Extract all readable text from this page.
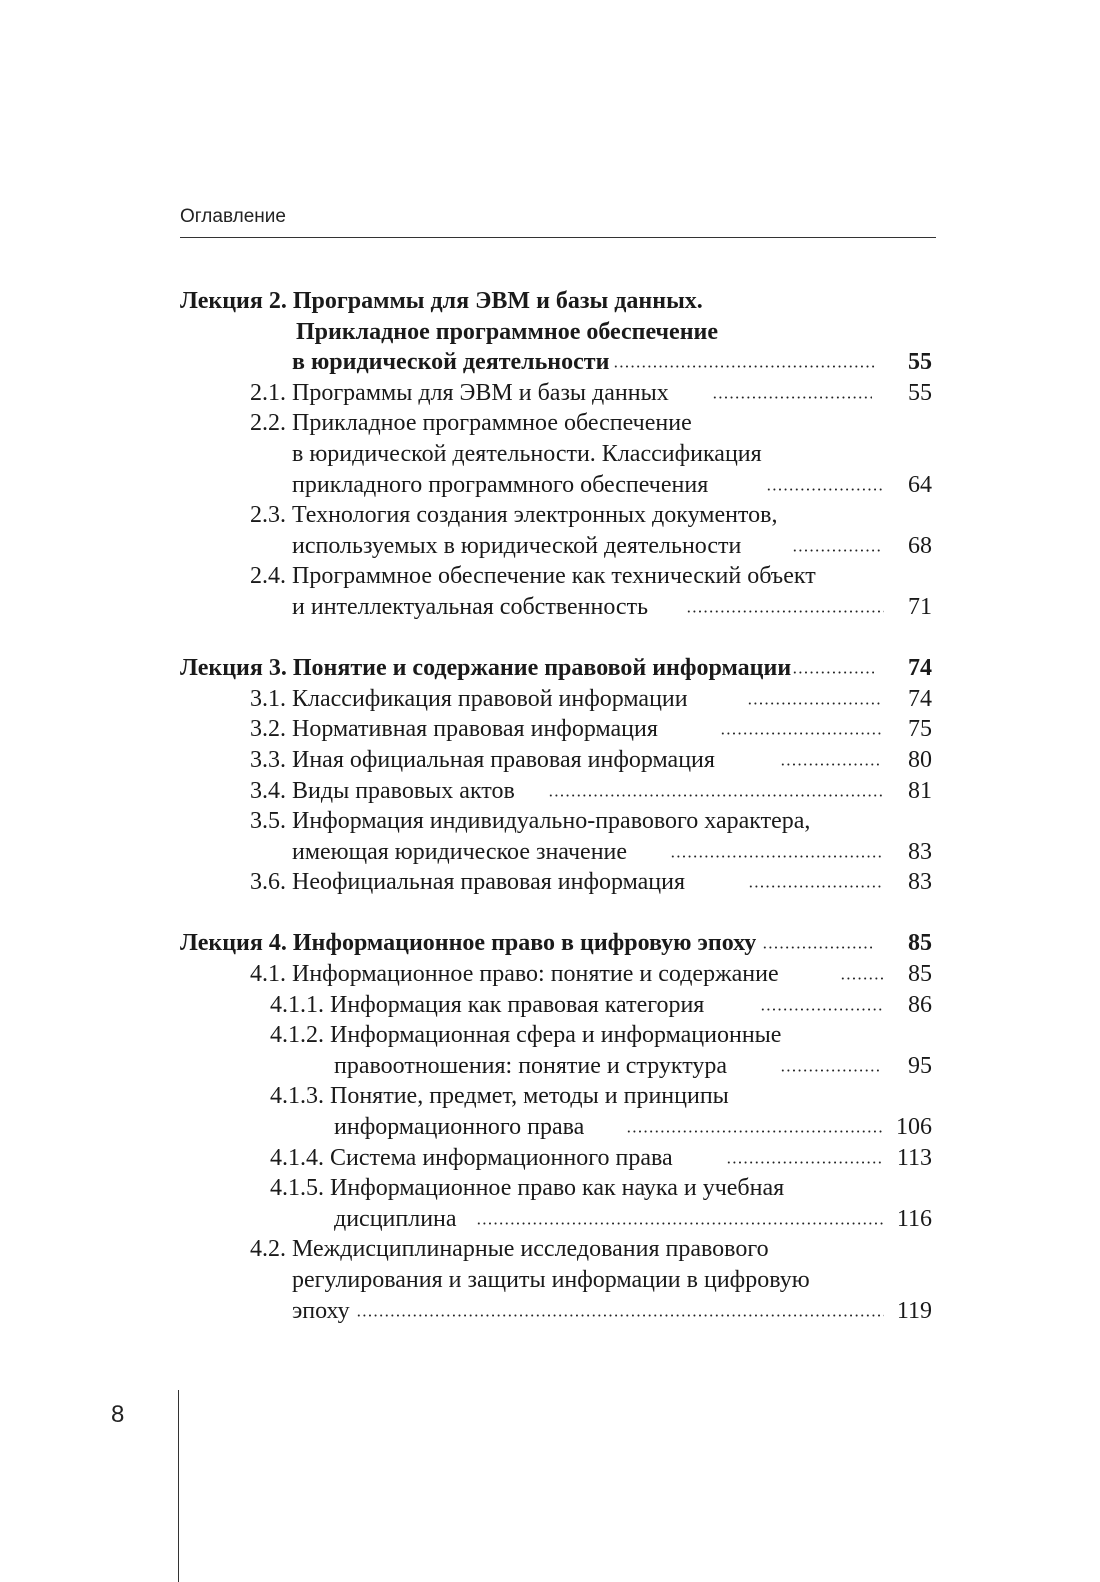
Оглавление
Лекция 2. Программы для ЭВМ и базы данных.
Прикладное программное обеспечение
в юридической деятельности	55
2.1. Программы для ЭВМ и базы данных	55
2.2. Прикладное программное обеспечение
в юридической деятельности. Классификация
прикладного программного обеспечения	64
2.3. Технология создания электронных документов,
используемых в юридической деятельности	68
2.4. Программное обеспечение как технический объект
и интеллектуальная собственность	71
Лекция 3. Понятие и содержание правовой информации	74
3.1. Классификация правовой информации	74
3.2. Нормативная правовая информация	75
3.3. Иная официальная правовая информация	80
3.4. Виды правовых актов	81
3.5. Информация индивидуально-правового характера,
имеющая юридическое значение	83
3.6. Неофициальная правовая информация	83
Лекция 4. Информационное право в цифровую эпоху	85
4.1. Информационное право: понятие и содержание	85
4.1.1. Информация как правовая категория	86
4.1.2. Информационная сфера и информационные
правоотношения: понятие и структура	95
4.1.3. Понятие, предмет, методы и принципы
информационного права	106
4.1.4. Система информационного права	113
4.1.5. Информационное право как наука и учебная
дисциплина	116
4.2. Междисциплинарные исследования правового
регулирования и защиты информации в цифровую
эпоху	119
8
